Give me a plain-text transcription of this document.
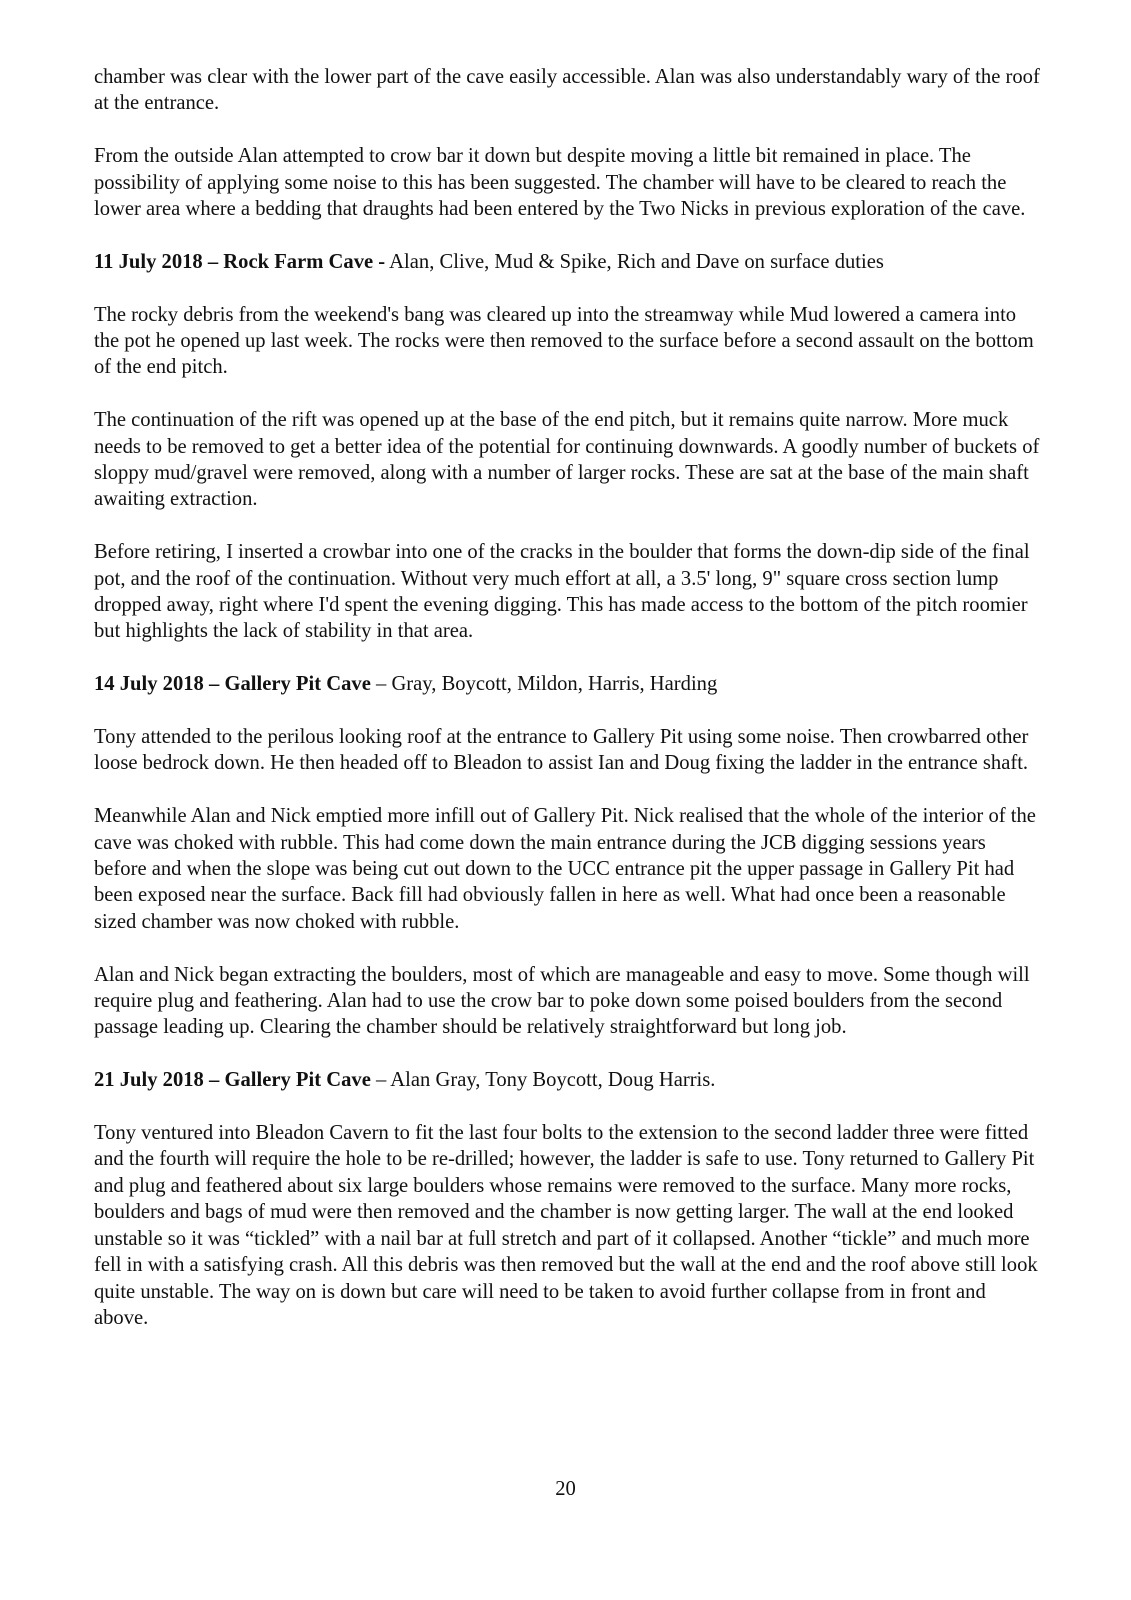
chamber was clear with the lower part of the cave easily accessible. Alan was also understandably wary of the roof at the entrance.

From the outside Alan attempted to crow bar it down but despite moving a little bit remained in place. The possibility of applying some noise to this has been suggested. The chamber will have to be cleared to reach the lower area where a bedding that draughts had been entered by the Two Nicks in previous exploration of the cave.

11 July 2018 – Rock Farm Cave - Alan, Clive, Mud & Spike, Rich and Dave on surface duties

The rocky debris from the weekend's bang was cleared up into the streamway while Mud lowered a camera into the pot he opened up last week. The rocks were then removed to the surface before a second assault on the bottom of the end pitch.

The continuation of the rift was opened up at the base of the end pitch, but it remains quite narrow. More muck needs to be removed to get a better idea of the potential for continuing downwards. A goodly number of buckets of sloppy mud/gravel were removed, along with a number of larger rocks. These are sat at the base of the main shaft awaiting extraction.

Before retiring, I inserted a crowbar into one of the cracks in the boulder that forms the down-dip side of the final pot, and the roof of the continuation. Without very much effort at all, a 3.5' long, 9" square cross section lump dropped away, right where I'd spent the evening digging. This has made access to the bottom of the pitch roomier but highlights the lack of stability in that area.

14 July 2018 – Gallery Pit Cave – Gray, Boycott, Mildon, Harris, Harding

Tony attended to the perilous looking roof at the entrance to Gallery Pit using some noise. Then crowbarred other loose bedrock down. He then headed off to Bleadon to assist Ian and Doug fixing the ladder in the entrance shaft.

Meanwhile Alan and Nick emptied more infill out of Gallery Pit. Nick realised that the whole of the interior of the cave was choked with rubble. This had come down the main entrance during the JCB digging sessions years before and when the slope was being cut out down to the UCC entrance pit the upper passage in Gallery Pit had been exposed near the surface. Back fill had obviously fallen in here as well. What had once been a reasonable sized chamber was now choked with rubble.

Alan and Nick began extracting the boulders, most of which are manageable and easy to move. Some though will require plug and feathering. Alan had to use the crow bar to poke down some poised boulders from the second passage leading up. Clearing the chamber should be relatively straightforward but long job.

21 July 2018 – Gallery Pit Cave – Alan Gray, Tony Boycott, Doug Harris.

Tony ventured into Bleadon Cavern to fit the last four bolts to the extension to the second ladder three were fitted and the fourth will require the hole to be re-drilled; however, the ladder is safe to use. Tony returned to Gallery Pit and plug and feathered about six large boulders whose remains were removed to the surface. Many more rocks, boulders and bags of mud were then removed and the chamber is now getting larger. The wall at the end looked unstable so it was “tickled” with a nail bar at full stretch and part of it collapsed. Another “tickle” and much more fell in with a satisfying crash. All this debris was then removed but the wall at the end and the roof above still look quite unstable. The way on is down but care will need to be taken to avoid further collapse from in front and above.

20
